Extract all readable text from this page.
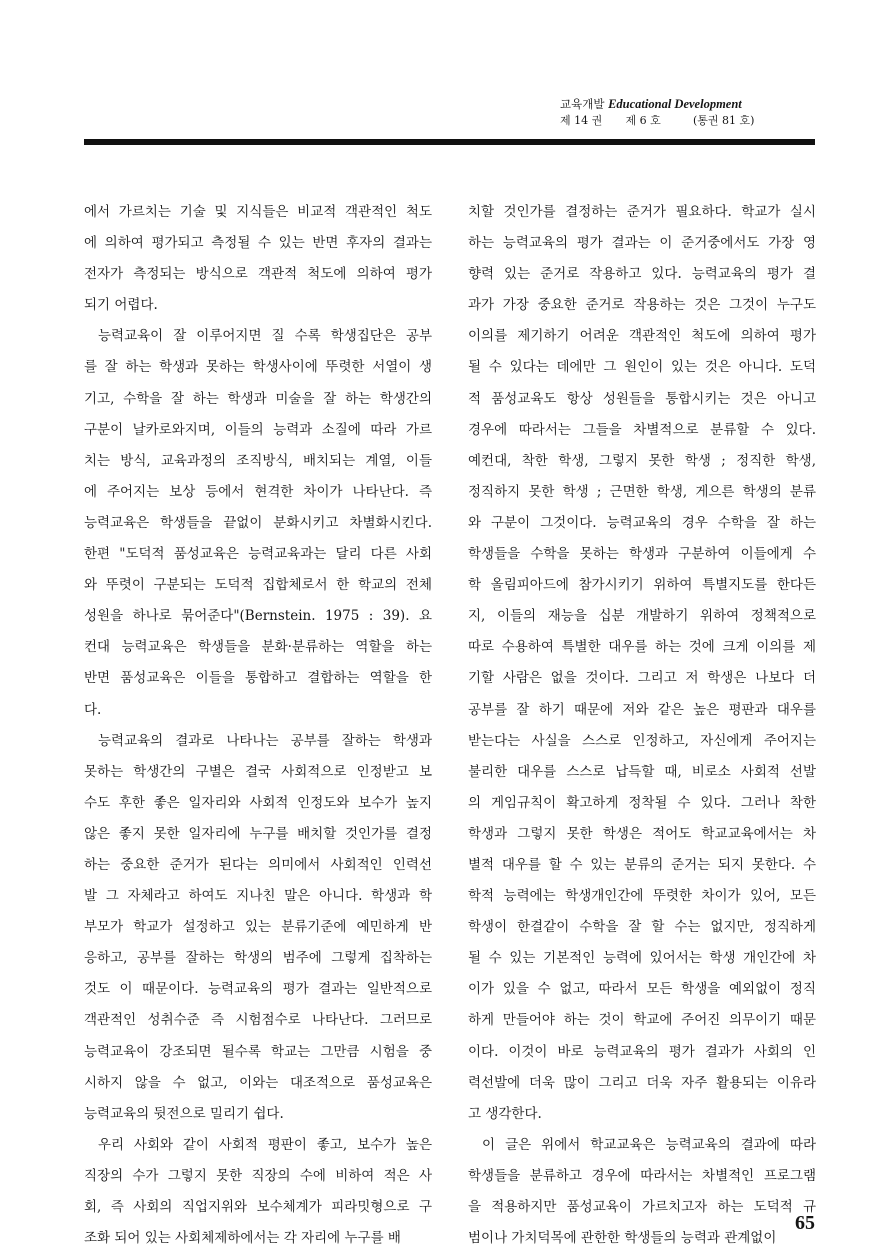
교육개발 Educational Development
제 14 권 제 6 호	(통권 81 호)
에서 가르치는 기술 및 지식들은 비교적 객관적인 척도
에 의하여 평가되고 측정될 수 있는 반면 후자의 결과는
전자가 측정되는 방식으로 객관적 척도에 의하여 평가
되기 어렵다.
능력교육이 잘 이루어지면 질 수록 학생집단은 공부
를 잘 하는 학생과 못하는 학생사이에 뚜렷한 서열이 생
기고, 수학을 잘 하는 학생과 미술을 잘 하는 학생간의
구분이 날카로와지며, 이들의 능력과 소질에 따라 가르
치는 방식, 교육과정의 조직방식, 배치되는 계열, 이들
에 주어지는 보상 등에서 현격한 차이가 나타난다. 즉
능력교육은 학생들을 끝없이 분화시키고 차별화시킨다.
한편 "도덕적 품성교육은 능력교육과는 달리 다른 사회
와 뚜렷이 구분되는 도덕적 집합체로서 한 학교의 전체
성원을 하나로 묶어준다"(Bernstein. 1975 : 39). 요
컨대 능력교육은 학생들을 분화·분류하는 역할을 하는
반면 품성교육은 이들을 통합하고 결합하는 역할을 한
다.
능력교육의 결과로 나타나는 공부를 잘하는 학생과
못하는 학생간의 구별은 결국 사회적으로 인정받고 보
수도 후한 좋은 일자리와 사회적 인정도와 보수가 높지
않은 좋지 못한 일자리에 누구를 배치할 것인가를 결정
하는 중요한 준거가 된다는 의미에서 사회적인 인력선
발 그 자체라고 하여도 지나친 말은 아니다. 학생과 학
부모가 학교가 설정하고 있는 분류기준에 예민하게 반
응하고, 공부를 잘하는 학생의 범주에 그렇게 집착하는
것도 이 때문이다. 능력교육의 평가 결과는 일반적으로
객관적인 성취수준 즉 시험점수로 나타난다. 그러므로
능력교육이 강조되면 될수록 학교는 그만큼 시험을 중
시하지 않을 수 없고, 이와는 대조적으로 품성교육은
능력교육의 뒷전으로 밀리기 쉽다.
우리 사회와 같이 사회적 평판이 좋고, 보수가 높은
직장의 수가 그렇지 못한 직장의 수에 비하여 적은 사
회, 즉 사회의 직업지위와 보수체계가 피라밋형으로 구
조화 되어 있는 사회체제하에서는 각 자리에 누구를 배
치할 것인가를 결정하는 준거가 필요하다. 학교가 실시
하는 능력교육의 평가 결과는 이 준거중에서도 가장 영
향력 있는 준거로 작용하고 있다. 능력교육의 평가 결
과가 가장 중요한 준거로 작용하는 것은 그것이 누구도
이의를 제기하기 어려운 객관적인 척도에 의하여 평가
될 수 있다는 데에만 그 원인이 있는 것은 아니다. 도덕
적 품성교육도 항상 성원들을 통합시키는 것은 아니고
경우에 따라서는 그들을 차별적으로 분류할 수 있다.
예컨대, 착한 학생, 그렇지 못한 학생 ; 정직한 학생,
정직하지 못한 학생 ; 근면한 학생, 게으른 학생의 분류
와 구분이 그것이다. 능력교육의 경우 수학을 잘 하는
학생들을 수학을 못하는 학생과 구분하여 이들에게 수
학 올림피아드에 참가시키기 위하여 특별지도를 한다든
지, 이들의 재능을 십분 개발하기 위하여 정책적으로
따로 수용하여 특별한 대우를 하는 것에 크게 이의를 제
기할 사람은 없을 것이다. 그리고 저 학생은 나보다 더
공부를 잘 하기 때문에 저와 같은 높은 평판과 대우를
받는다는 사실을 스스로 인정하고, 자신에게 주어지는
불리한 대우를 스스로 납득할 때, 비로소 사회적 선발
의 게임규칙이 확고하게 정착될 수 있다. 그러나 착한
학생과 그렇지 못한 학생은 적어도 학교교육에서는 차
별적 대우를 할 수 있는 분류의 준거는 되지 못한다. 수
학적 능력에는 학생개인간에 뚜렷한 차이가 있어, 모든
학생이 한결같이 수학을 잘 할 수는 없지만, 정직하게
될 수 있는 기본적인 능력에 있어서는 학생 개인간에 차
이가 있을 수 없고, 따라서 모든 학생을 예외없이 정직
하게 만들어야 하는 것이 학교에 주어진 의무이기 때문
이다. 이것이 바로 능력교육의 평가 결과가 사회의 인
력선발에 더욱 많이 그리고 더욱 자주 활용되는 이유라
고 생각한다.
이 글은 위에서 학교교육은 능력교육의 결과에 따라
학생들을 분류하고 경우에 따라서는 차별적인 프로그램
을 적용하지만 품성교육이 가르치고자 하는 도덕적 규
범이나 가치덕목에 관한한 학생들의 능력과 관계없이
65
